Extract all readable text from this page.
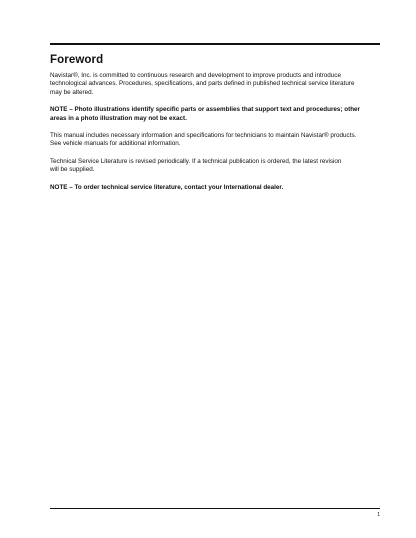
Foreword

Navistar®, Inc. is committed to continuous research and development to improve products and introduce
technological advances. Procedures, specifications, and parts defined in published technical service literature
may be altered.

NOTE – Photo illustrations identify specific parts or assemblies that support text and procedures; other
areas in a photo illustration may not be exact.

This manual includes necessary information and specifications for technicians to maintain Navistar® products.
See vehicle manuals for additional information.

Technical Service Literature is revised periodically. If a technical publication is ordered, the latest revision
will be supplied.

NOTE – To order technical service literature, contact your International dealer.

1
